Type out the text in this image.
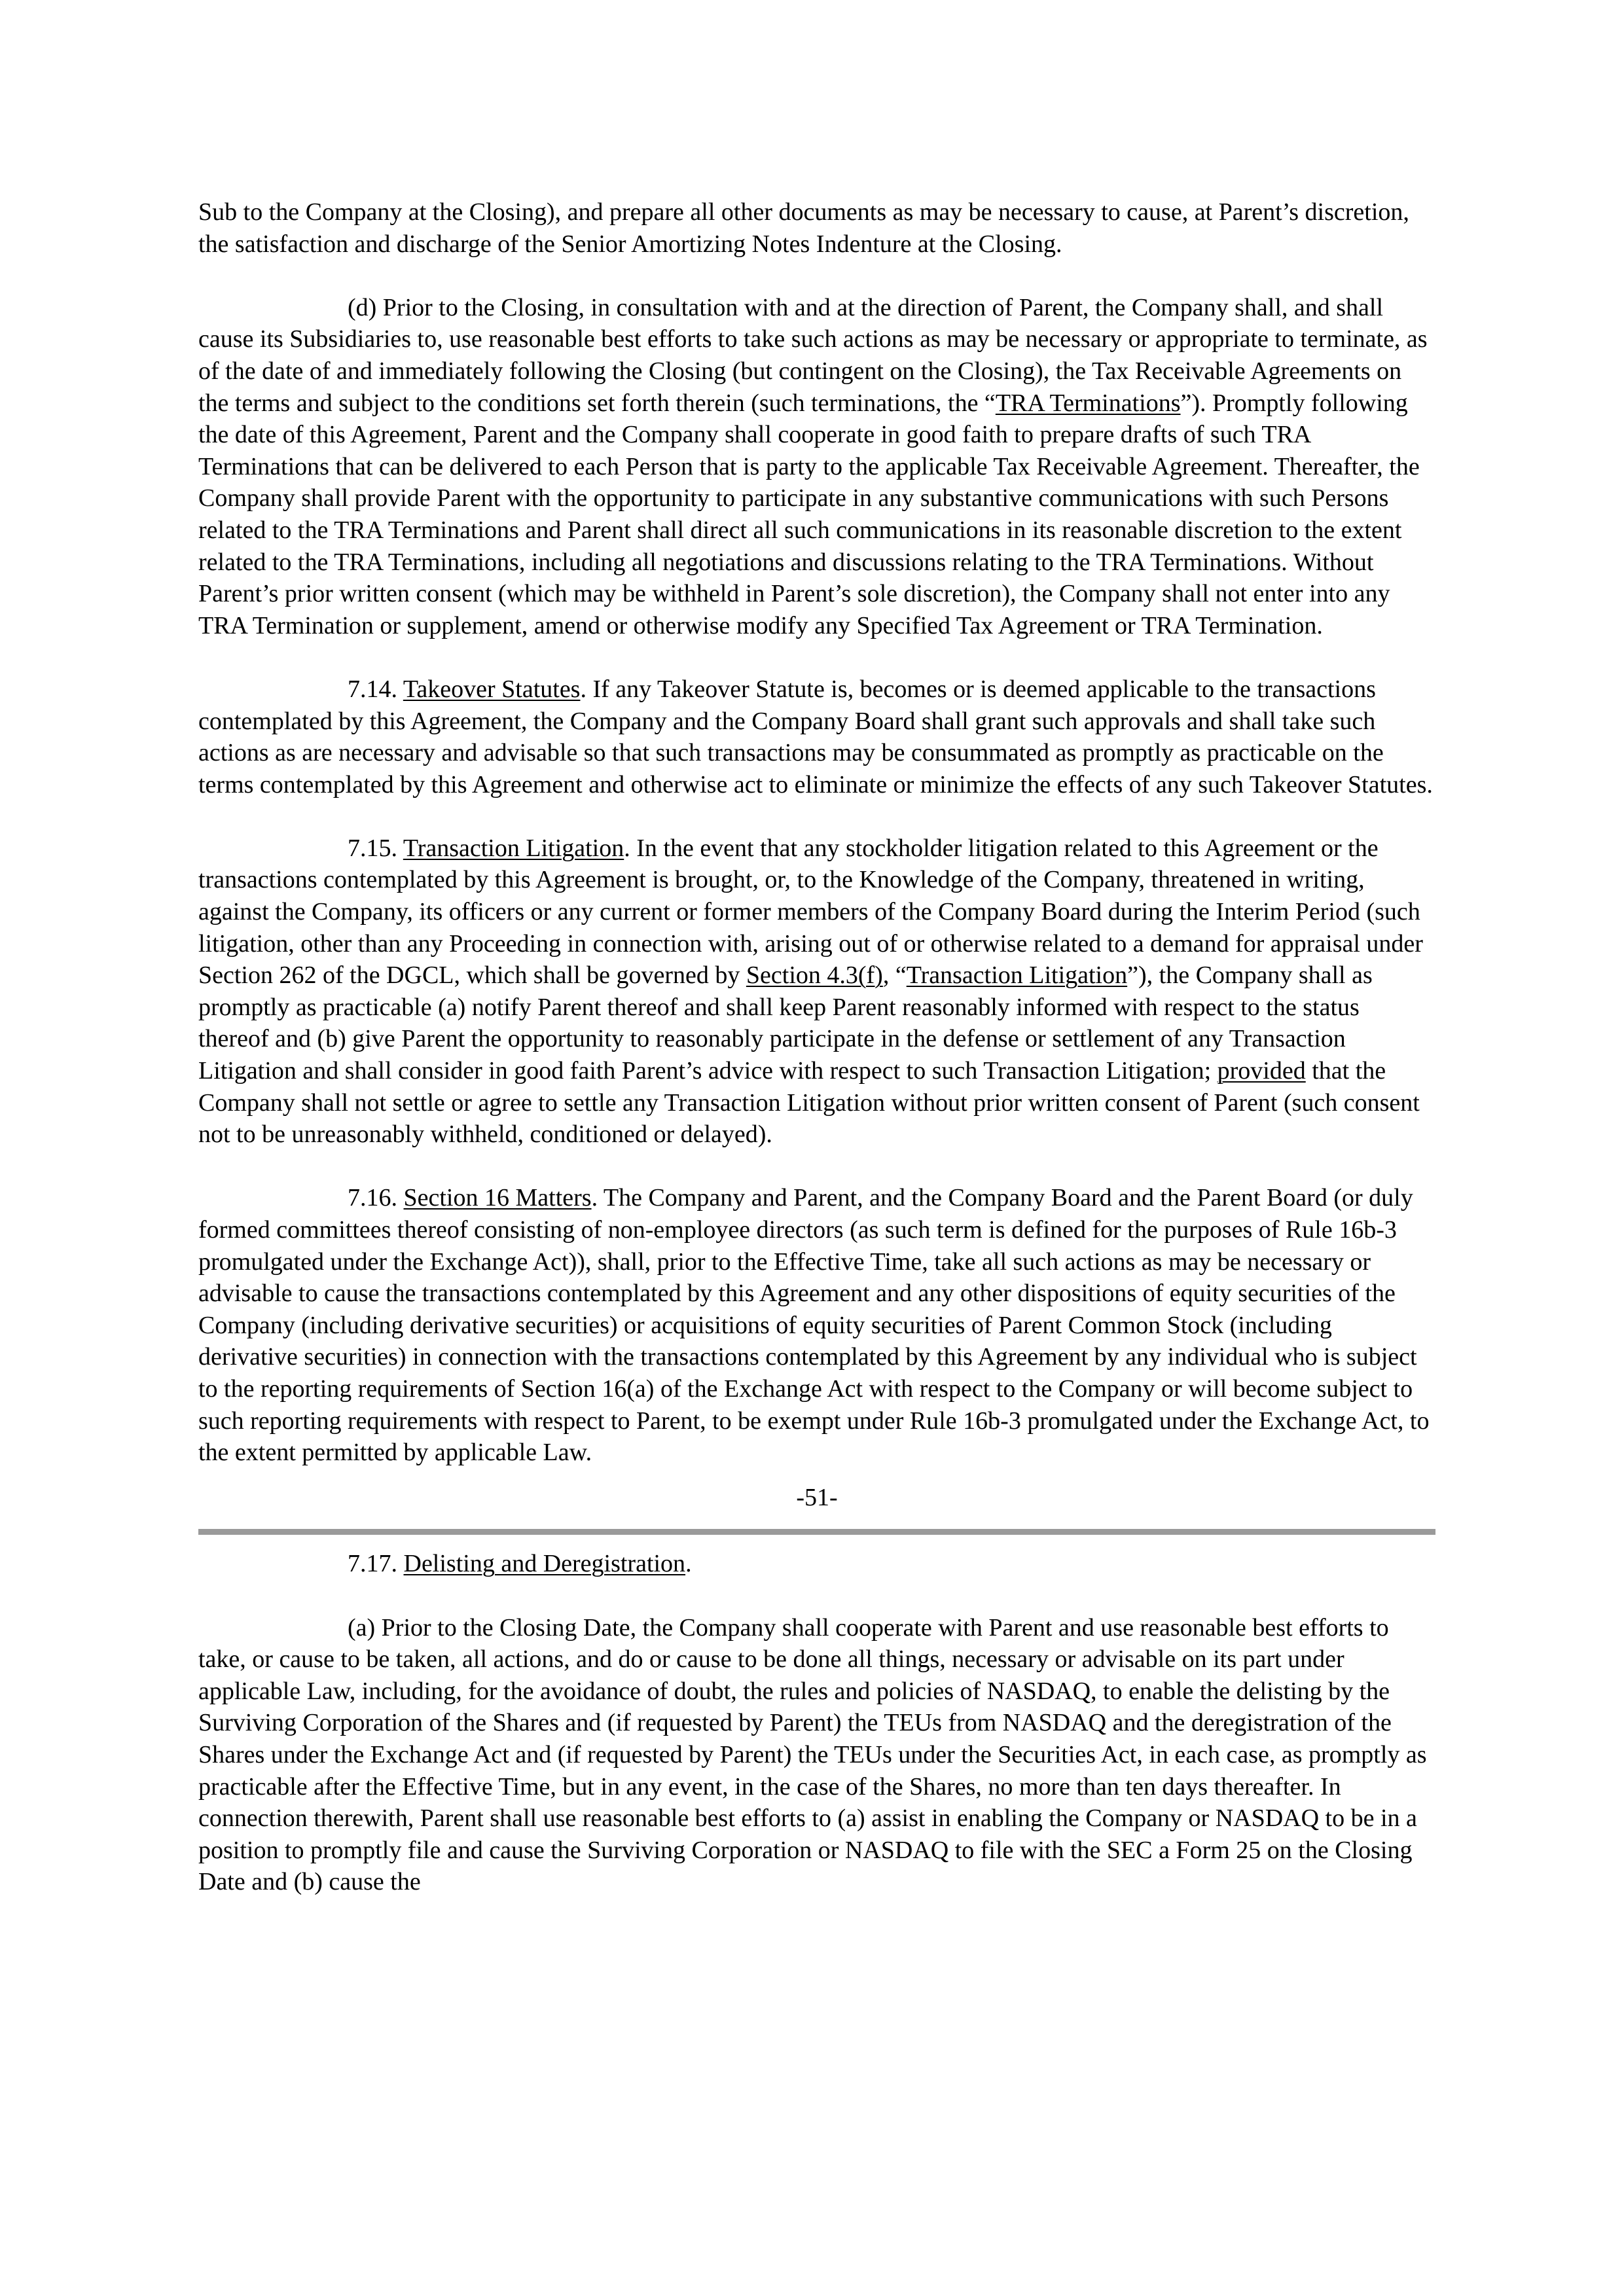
Sub to the Company at the Closing), and prepare all other documents as may be necessary to cause, at Parent’s discretion, the satisfaction and discharge of the Senior Amortizing Notes Indenture at the Closing.

(d) Prior to the Closing, in consultation with and at the direction of Parent, the Company shall, and shall cause its Subsidiaries to, use reasonable best efforts to take such actions as may be necessary or appropriate to terminate, as of the date of and immediately following the Closing (but contingent on the Closing), the Tax Receivable Agreements on the terms and subject to the conditions set forth therein (such terminations, the “TRA Terminations”). Promptly following the date of this Agreement, Parent and the Company shall cooperate in good faith to prepare drafts of such TRA Terminations that can be delivered to each Person that is party to the applicable Tax Receivable Agreement. Thereafter, the Company shall provide Parent with the opportunity to participate in any substantive communications with such Persons related to the TRA Terminations and Parent shall direct all such communications in its reasonable discretion to the extent related to the TRA Terminations, including all negotiations and discussions relating to the TRA Terminations. Without Parent’s prior written consent (which may be withheld in Parent’s sole discretion), the Company shall not enter into any TRA Termination or supplement, amend or otherwise modify any Specified Tax Agreement or TRA Termination.

7.14. Takeover Statutes. If any Takeover Statute is, becomes or is deemed applicable to the transactions contemplated by this Agreement, the Company and the Company Board shall grant such approvals and shall take such actions as are necessary and advisable so that such transactions may be consummated as promptly as practicable on the terms contemplated by this Agreement and otherwise act to eliminate or minimize the effects of any such Takeover Statutes.

7.15. Transaction Litigation. In the event that any stockholder litigation related to this Agreement or the transactions contemplated by this Agreement is brought, or, to the Knowledge of the Company, threatened in writing, against the Company, its officers or any current or former members of the Company Board during the Interim Period (such litigation, other than any Proceeding in connection with, arising out of or otherwise related to a demand for appraisal under Section 262 of the DGCL, which shall be governed by Section 4.3(f), “Transaction Litigation”), the Company shall as promptly as practicable (a) notify Parent thereof and shall keep Parent reasonably informed with respect to the status thereof and (b) give Parent the opportunity to reasonably participate in the defense or settlement of any Transaction Litigation and shall consider in good faith Parent’s advice with respect to such Transaction Litigation; provided that the Company shall not settle or agree to settle any Transaction Litigation without prior written consent of Parent (such consent not to be unreasonably withheld, conditioned or delayed).

7.16. Section 16 Matters. The Company and Parent, and the Company Board and the Parent Board (or duly formed committees thereof consisting of non-employee directors (as such term is defined for the purposes of Rule 16b-3 promulgated under the Exchange Act)), shall, prior to the Effective Time, take all such actions as may be necessary or advisable to cause the transactions contemplated by this Agreement and any other dispositions of equity securities of the Company (including derivative securities) or acquisitions of equity securities of Parent Common Stock (including derivative securities) in connection with the transactions contemplated by this Agreement by any individual who is subject to the reporting requirements of Section 16(a) of the Exchange Act with respect to the Company or will become subject to such reporting requirements with respect to Parent, to be exempt under Rule 16b-3 promulgated under the Exchange Act, to the extent permitted by applicable Law.

-51-

7.17. Delisting and Deregistration.

(a) Prior to the Closing Date, the Company shall cooperate with Parent and use reasonable best efforts to take, or cause to be taken, all actions, and do or cause to be done all things, necessary or advisable on its part under applicable Law, including, for the avoidance of doubt, the rules and policies of NASDAQ, to enable the delisting by the Surviving Corporation of the Shares and (if requested by Parent) the TEUs from NASDAQ and the deregistration of the Shares under the Exchange Act and (if requested by Parent) the TEUs under the Securities Act, in each case, as promptly as practicable after the Effective Time, but in any event, in the case of the Shares, no more than ten days thereafter. In connection therewith, Parent shall use reasonable best efforts to (a) assist in enabling the Company or NASDAQ to be in a position to promptly file and cause the Surviving Corporation or NASDAQ to file with the SEC a Form 25 on the Closing Date and (b) cause the
